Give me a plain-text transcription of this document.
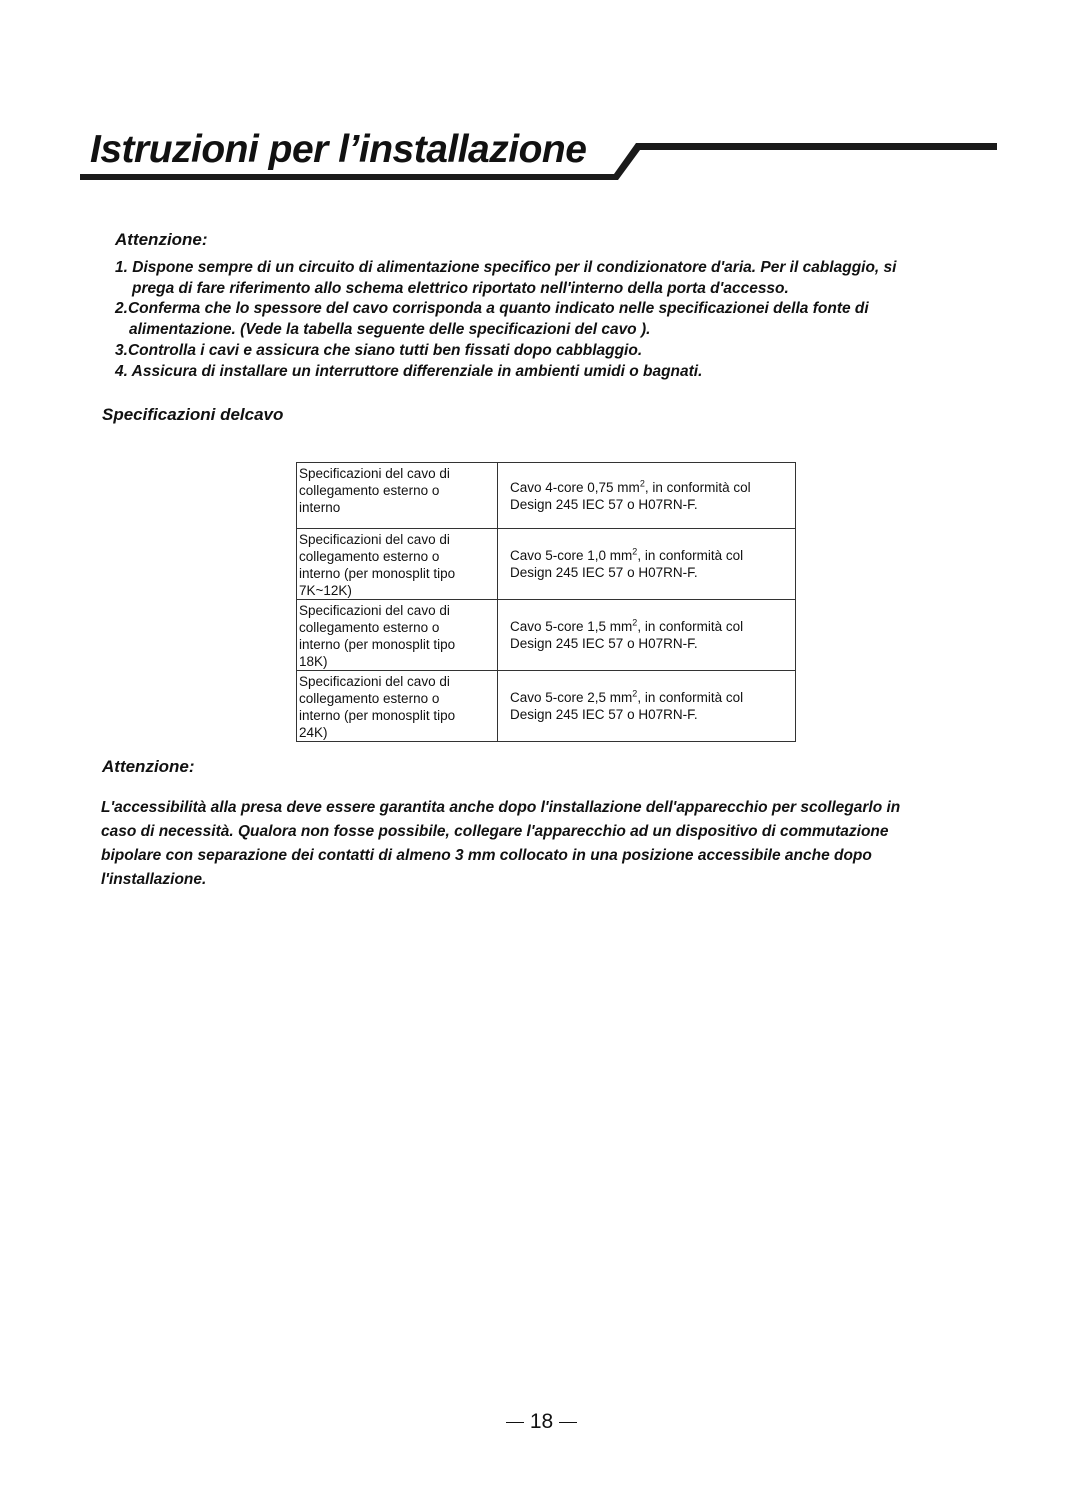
Istruzioni per l’installazione
Attenzione:
1. Dispone sempre di un circuito di alimentazione specifico per il condizionatore d'aria. Per il cablaggio, si
prega di fare riferimento allo schema elettrico riportato nell'interno della porta d'accesso.
2.Conferma che lo spessore del cavo corrisponda a quanto indicato nelle specificazionei della fonte di
alimentazione. (Vede la tabella seguente delle specificazioni del cavo ).
3.Controlla i cavi e assicura che siano tutti ben fissati dopo cabblaggio.
4. Assicura di installare un interruttore differenziale in ambienti umidi o bagnati.
Specificazioni delcavo
Specificazioni del cavo di
collegamento esterno o
interno	Cavo 4-core 0,75 $mm^2$, in conformità col
Design 245 IEC 57 o H07RN-F.
Specificazioni del cavo di
collegamento esterno o
interno (per monosplit tipo
7K~12K)	Cavo 5-core 1,0 $mm^2$, in conformità col
Design 245 IEC 57 o H07RN-F.
Specificazioni del cavo di
collegamento esterno o
interno (per monosplit tipo
18K)	Cavo 5-core 1,5 $mm^2$, in conformità col
Design 245 IEC 57 o H07RN-F.
Specificazioni del cavo di
collegamento esterno o
interno (per monosplit tipo
24K)	Cavo 5-core 2,5 $mm^2$, in conformità col
Design 245 IEC 57 o H07RN-F.
Attenzione:

L'accessibilità alla presa deve essere garantita anche dopo l'installazione dell'apparecchio per scollegarlo in
caso di necessità. Qualora non fosse possibile, collegare l'apparecchio ad un dispositivo di commutazione
bipolare con separazione dei contatti di almeno 3 mm collocato in una posizione accessibile anche dopo
l'installazione.

18
